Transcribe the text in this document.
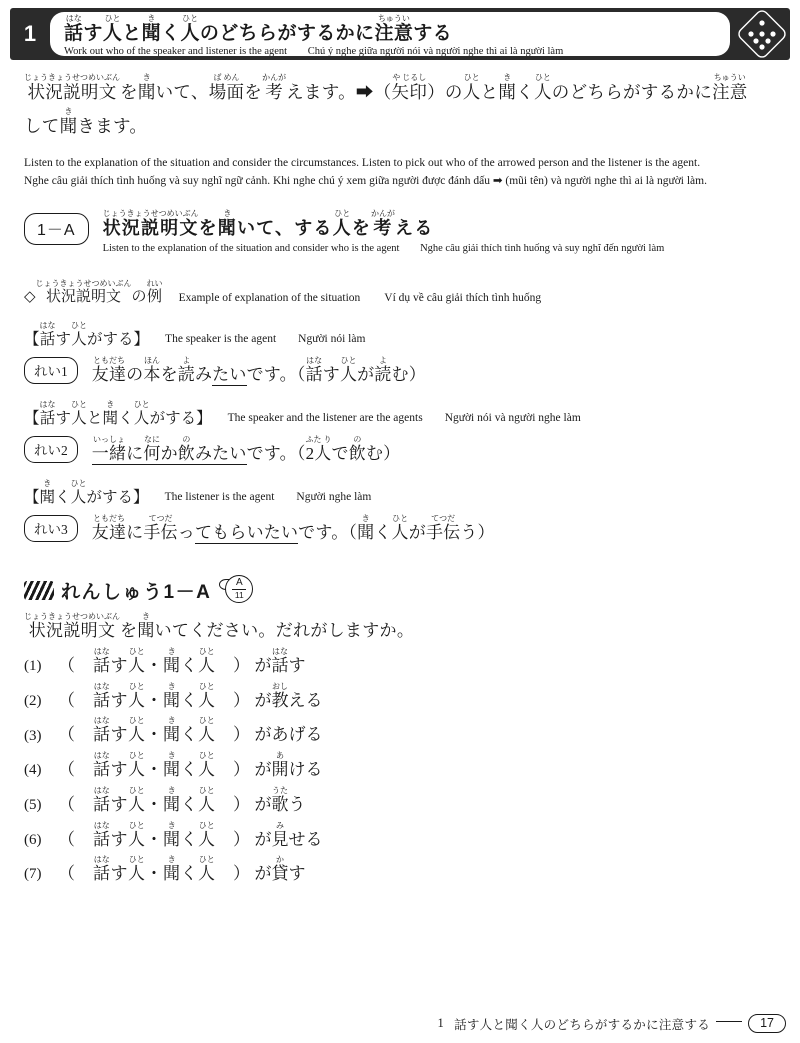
1
はな
話 す
ひと
人 と
き
聞 く
ひと
人 のどちらがするかに
ちゅうい
注意 する
Work out who of the speaker and listener is the agent Chú ý nghe giữa người nói và người nghe thì ai là người làm
じょうきょうせつめいぶん
状況説明文 を
き
聞 いて、
ば めん
場面 を
かんが
考 えます。➡（
や じるし
矢印 ）の
ひと
人 と
き
聞 く
ひと
人 のどちらがするかに
ちゅうい
注意
して
き
聞 きます。
Listen to the explanation of the situation and consider the circumstances. Listen to pick out who of the arrowed person and the listener is the agent.
Nghe câu giải thích tình huống và suy nghĩ ngữ cảnh. Khi nghe chú ý xem giữa người được đánh dấu ➡ (mũi tên) và người nghe thì ai là người làm.
1－A
じょうきょうせつめいぶん
状況説明文 を
き
聞 いて、する
ひと
人 を
かんが
考 える
Listen to the explanation of the situation and consider who is the agent Nghe câu giải thích tình huống và suy nghĩ đến người làm
◇
じょうきょうせつめいぶん
状況説明文 の
れい
例 Example of explanation of the situation Ví dụ về câu giải thích tình huống
【
はな
話 す
ひと
人 がする】 The speaker is the agent Người nói làm
れい1
ともだち
友達 の
ほん
本 を
よ
読 みたいです。（
はな
話 す
ひと
人 が
よ
読 む）
【
はな
話 す
ひと
人 と
き
聞 く
ひと
人 がする】 The speaker and the listener are the agents Người nói và người nghe làm
れい2
いっしょ
一緒 に
なに
何 か
の
飲 みたいです。（
ふた り
2人 で
の
飲 む）
【
き
聞 く
ひと
人 がする】 The listener is the agent Người nghe làm
れい3
ともだち
友達 に
てつだ
手伝 ってもらいたいです。（
き
聞 く
ひと
人 が
てつだ
手伝 う）
れんしゅう1－A A
11
じょうきょうせつめいぶん
状況説明文 を
き
聞 いてください。だれがしますか。
(1) （　
はな
話 す
ひと
人 ・
き
聞 く
ひと
人 　） が
はな
話 す
(2) （　
はな
話 す
ひと
人 ・
き
聞 く
ひと
人 　） が
おし
教 える
(3) （　
はな
話 す
ひと
人 ・
き
聞 く
ひと
人 　） があげる
(4) （　
はな
話 す
ひと
人 ・
き
聞 く
ひと
人 　） が
あ
開 ける
(5) （　
はな
話 す
ひと
人 ・
き
聞 く
ひと
人 　） が
うた
歌 う
(6) （　
はな
話 す
ひと
人 ・
き
聞 く
ひと
人 　） が
み
見 せる
(7) （　
はな
話 す
ひと
人 ・
き
聞 く
ひと
人 　） が
か
貸 す
1 話す人と聞く人のどちらがするかに注意する	17
